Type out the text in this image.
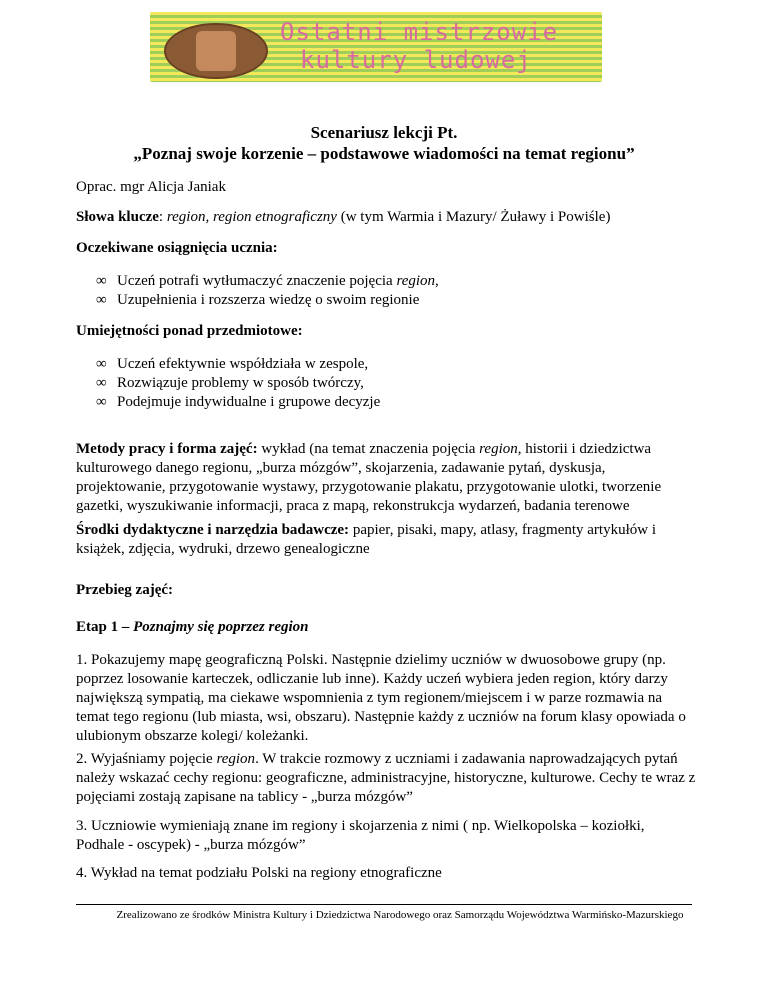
Ostatni mistrzowie
kultury ludowej
Scenariusz lekcji Pt.
„Poznaj swoje korzenie – podstawowe wiadomości na temat regionu”
Oprac. mgr Alicja Janiak
Słowa klucze: region, region etnograficzny (w tym Warmia i Mazury/ Żuławy i Powiśle)
Oczekiwane osiągnięcia ucznia:
∞ Uczeń potrafi wytłumaczyć znaczenie pojęcia region,
∞ Uzupełnienia i rozszerza wiedzę o swoim regionie
Umiejętności ponad przedmiotowe:
∞ Uczeń efektywnie współdziała w zespole,
∞ Rozwiązuje problemy w sposób twórczy,
∞ Podejmuje indywidualne i grupowe decyzje
Metody pracy i forma zajęć: wykład (na temat znaczenia pojęcia region, historii i dziedzictwa kulturowego danego regionu, „burza mózgów”, skojarzenia, zadawanie pytań, dyskusja, projektowanie, przygotowanie wystawy, przygotowanie plakatu, przygotowanie ulotki, tworzenie gazetki, wyszukiwanie informacji, praca z mapą, rekonstrukcja wydarzeń, badania terenowe
Środki dydaktyczne i narzędzia badawcze: papier, pisaki, mapy, atlasy, fragmenty artykułów i książek, zdjęcia, wydruki, drzewo genealogiczne
Przebieg zajęć:
Etap 1 – Poznajmy się poprzez region
1. Pokazujemy mapę geograficzną Polski. Następnie dzielimy uczniów w dwuosobowe grupy (np. poprzez losowanie karteczek, odliczanie lub inne). Każdy uczeń wybiera jeden region, który darzy największą sympatią, ma ciekawe wspomnienia z tym regionem/miejscem i w parze rozmawia na temat tego regionu (lub miasta, wsi, obszaru). Następnie każdy z uczniów na forum klasy opowiada o ulubionym obszarze kolegi/ koleżanki.
2. Wyjaśniamy pojęcie region. W trakcie rozmowy z uczniami i zadawania naprowadzających pytań należy wskazać cechy regionu: geograficzne, administracyjne, historyczne, kulturowe. Cechy te wraz z pojęciami zostają zapisane na tablicy - „burza mózgów”
3. Uczniowie wymieniają znane im regiony i skojarzenia z nimi ( np. Wielkopolska – koziołki, Podhale - oscypek) - „burza mózgów”
4. Wykład na temat podziału Polski na regiony etnograficzne
Zrealizowano ze środków Ministra Kultury i Dziedzictwa Narodowego oraz Samorządu Województwa Warmińsko-Mazurskiego
